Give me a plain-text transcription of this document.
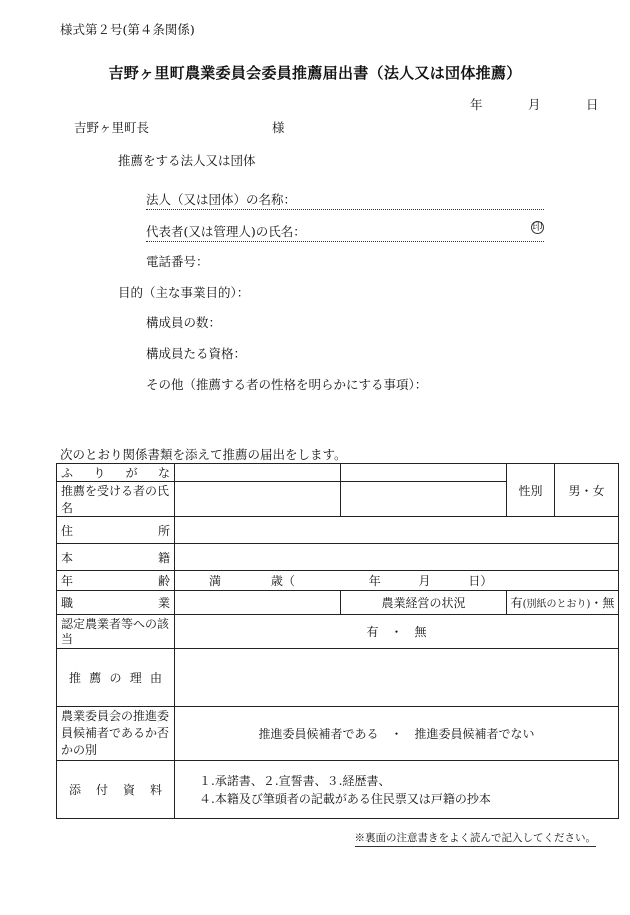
様式第２号(第４条関係)
吉野ヶ里町農業委員会委員推薦届出書（法人又は団体推薦）
年	月	日
吉野ヶ里町長	様
推薦をする法人又は団体
法人（又は団体）の名称：
代表者(又は管理人)の氏名：	印
電話番号：
目的（主な事業目的）：
構成員の数：
構成員たる資格：
その他（推薦する者の性格を明らかにする事項）：
次のとおり関係書類を添えて推薦の届出をします。
ふりがな			性別	男・女
推薦を受ける者の氏名				
住所				
本籍				
年齢	満 歳（ 年 月 日）			
職業		農業経営の状況	有(別紙のとおり)・無	
認定農業者等への該当	有　・　無			
推薦の理由				
農業委員会の推進委員候補者であるか否かの別	推進委員候補者である　・　推進委員候補者でない			
添付資料	１.承諾書、２.宣誓書、３.経歴書、
４.本籍及び筆頭者の記載がある住民票又は戸籍の抄本			
※裏面の注意書きをよく読んで記入してください。
